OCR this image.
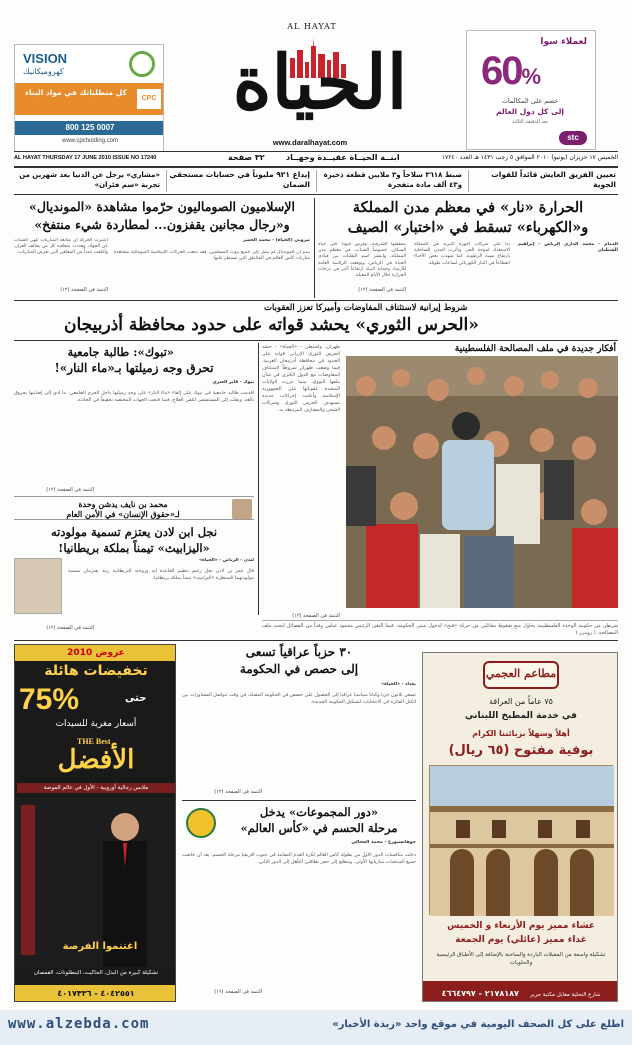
لعملاء سوا
60%
خصم على المكالمات
إلى كل دول العالم
بعد الدقيقة الثالثة
stc
VISION
كهروميكانيك
كل متطلباتك في مواد البناء
CPC
800 125 0007
www.cpcholding.com
AL HAYAT
الحياة
www.daralhayat.com
AL HAYAT THURSDAY 17 JUNE 2010 ISSUE NO 17240	٣٢ صفحة	ابنــة الحيــاة عقيــدة وجهــاد	الخميس ١٧ حزيران (يونيو) ٢٠١٠ الموافق ٥ رجب ١٤٣١ هـ العدد ١٧٢٤٠
تعيين الفريق العايش قائداً للقوات الجوية
ضبط ٣٦١٨ سلاحاً و٣ ملايين قطعة ذخيرة و٤٣ ألف مادة متفجرة
إيداع ٩٢١ مليوناً في حسابات مستحقي الضمان
«مشاري» يرحل عن الدنيا بعد شهرين من تجربة «سم فئران»
الحرارة «نار» في معظم مدن المملكة
و«الكهرباء» تسقط في «اختبار» الصيف
منطقتها الشرقية، وفرض قيوداً على حياة السكان، خصوصاً الشباب، في معظم مدن المملكة، وانتشر اسم التقلبات بين قيادي الحياة في الرياض، وتوقعت الرئاسة العامة للأرصاد وحماية البيئة ارتفاعاً أكبر في درجات الحرارة خلال الأيام المقبلة.
بدأ على شركات أجهزة التبريد في المملكة الاستعداد لموجة الحر، وتأثرت المدن الساحلية بارتفاع نسبة الرطوبة، كما شهدت بعض الأحياء انقطاعاً في التيار الكهربائي لساعات طويلة.
الدمام - محمد الداري الرياض - إبراهيم الشطيان
التتمة في الصفحة (١٢)
الإسلاميون الصوماليون حرّموا مشاهدة «المونديال»
و«رجال مجانين يقفزون... لمطاردة شيء منتفخ»
نيروبي (الحياة) - محمد الخضر
يبدو أن المونديال لم يصل إلى جميع بيوت المسلمين، فقد منعت الحركات الإسلامية الصومالية مشاهدة مباريات كأس العالم في المناطق التي تسيطر عليها.
اعتبرت الحركة أن متابعة المباريات تلهي الشباب عن الجهاد، وهددت بمعاقبة كل من يخالف القرار، وأغلقت عدداً من المقاهي التي تعرض المباريات.
التتمة في الصفحة (١٢)
شروط إيرانية لاستئناف المفاوضات وأميركا تعزز العقوبات
«الحرس الثوري» يحشد قواته على حدود محافظة أذربيجان
أفكار جديدة في ملف المصالحة الفلسطينية
طهران، واشنطن - «الحياة» - حشد الحرس الثوري الإيراني قواته على الحدود في محافظة أذربيجان الغربية، فيما وضعت طهران شروطاً لاستئناف المفاوضات مع الدول الكبرى في شأن ملفها النووي، بينما عززت الولايات المتحدة عقوباتها على الجمهورية الإسلامية وأعلنت إجراءات جديدة تستهدف الحرس الثوري وشركات الشحن والمصارف المرتبطة به.
التتمة في الصفحة (١٢)
شرطي من حكومة الوحدة الفلسطينية يحاول منع ضغوط مقاتلين من حركة «فتح» لدخول مبنى الحكومة، فيما التقى الرئيس محمود عباس وفداً من الفصائل لبحث ملف المصالحة. ( رويترز )
«تبوك»: طالبة جامعية
تحرق وجه زميلتها بـ«ماء النار»!
تبوك - فايز العنزي
أقدمت طالبة جامعية في تبوك على إلقاء «ماء النار» على وجه زميلتها داخل الحرم الجامعي، ما أدى إلى إصابتها بحروق بالغة، ونقلت إلى المستشفى لتلقي العلاج، فيما فتحت الجهات المختصة تحقيقاً في الحادثة.
التتمة في الصفحة (١٢)
محمد بن نايف يدشن وحدة
لـ«حقوق الإنسان» في الأمن العام
نجل ابن لادن يعتزم تسمية مولودته
«اليزابيث» تيمناً بملكة بريطانيا!
لندن - الرياض - «الحياة»
قال عمر بن لادن نجل زعيم تنظيم القاعدة إنه وزوجته البريطانية زينة يعتزمان تسمية مولودتهما المنتظرة «اليزابيث» تيمناً بملكة بريطانيا.
التتمة في الصفحة (١٢)
عروض 2010
تخفيضات هائلة
75%	حتى
أسعار مغرية للسيدات
THE Best
الأفضل
ملابس رجالية أوروبية - الأول في عالم الموضة
اغتنموا الفرصة
تشكيلة كبيرة من البدل، الجاكيت، البنطلونات، القمصان
٤٠٤٢٥٥١ - ٤٠١٧٣٣٦
٣٠ حزباً عراقياً تسعى
إلى حصص في الحكومة
بغداد - «الحياة»
تسعى ثلاثون حزباً وكياناً سياسياً عراقياً إلى الحصول على حصص في الحكومة المقبلة، في وقت تتواصل المشاورات بين الكتل الفائزة في الانتخابات لتشكيل الحكومة الجديدة.
التتمة في الصفحة (١٢)
«دور المجموعات» يدخل
مرحلة الحسم في «كأس العالم»
جوهانسبورغ - محمد الجحالي
دخلت منافسات الدور الأول من بطولة كأس العالم لكرة القدم المقامة في جنوب أفريقيا مرحلة الحسم، بعد أن خاضت جميع المنتخبات مبارياتها الأولى، وتتطلع إلى حجز بطاقتي التأهل إلى الدور الثاني.
التتمة في الصفحة (١٦)
مطاعم العجمي
٧٥ عاماً من العراقة
في خدمة المطبخ اللبناني
أهلاً وسهلاً بزبائننا الكرام
بوفية مفتوح (٦٥ ريال)
عشاء مميز يوم الأربعاء و الخميس
غداء مميز (عائلي) يوم الجمعة
تشكيلة واسعة من المقبلات الباردة والساخنة بالإضافة إلى الأطباق الرئيسية والحلويات
شارع التحلية مقابل مكتبة جرير ٢١٧٨١٨٧ - ٤٦٦٤٧٩٧
www.alzebda.com	اطلع على كل الصحف اليومية في موقع واحد «زبدة الأخبار»
